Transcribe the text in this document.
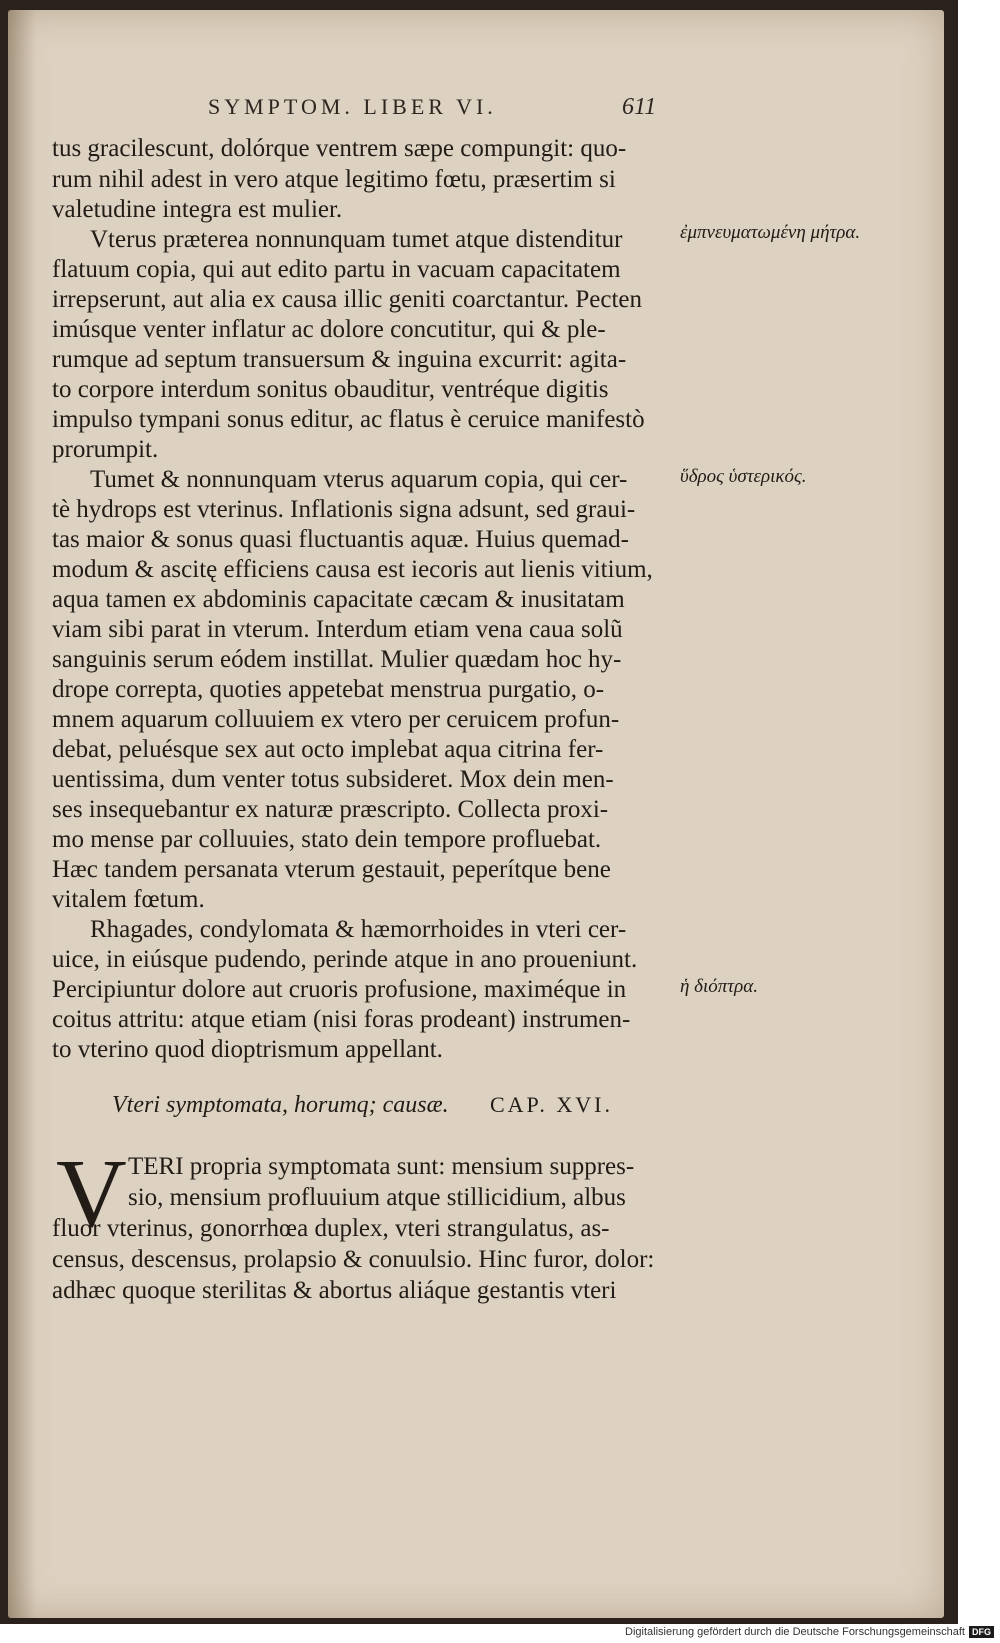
SYMPTOM. LIBER VI.	611
tus gracilescunt, dolórque ventrem sæpe compungit: quo-
rum nihil adest in vero atque legitimo fœtu, præsertim si
valetudine integra est mulier.
Vterus præterea nonnunquam tumet atque distenditur
flatuum copia, qui aut edito partu in vacuam capacitatem
irrepserunt, aut alia ex causa illic geniti coarctantur. Pecten
imúsque venter inflatur ac dolore concutitur, qui & ple-
rumque ad septum transuersum & inguina excurrit: agita-
to corpore interdum sonitus obauditur, ventréque digitis
impulso tympani sonus editur, ac flatus è ceruice manifestò
prorumpit.
Tumet & nonnunquam vterus aquarum copia, qui cer-
tè hydrops est vterinus. Inflationis signa adsunt, sed graui-
tas maior & sonus quasi fluctuantis aquæ. Huius quemad-
modum & ascitę efficiens causa est iecoris aut lienis vitium,
aqua tamen ex abdominis capacitate cæcam & inusitatam
viam sibi parat in vterum. Interdum etiam vena caua solũ
sanguinis serum eódem instillat. Mulier quædam hoc hy-
drope correpta, quoties appetebat menstrua purgatio, o-
mnem aquarum colluuiem ex vtero per ceruicem profun-
debat, peluésque sex aut octo implebat aqua citrina fer-
uentissima, dum venter totus subsideret. Mox dein men-
ses insequebantur ex naturæ præscripto. Collecta proxi-
mo mense par colluuies, stato dein tempore profluebat.
Hæc tandem persanata vterum gestauit, peperítque bene
vitalem fœtum.
Rhagades, condylomata & hæmorrhoides in vteri cer-
uice, in eiúsque pudendo, perinde atque in ano proueniunt.
Percipiuntur dolore aut cruoris profusione, maximéque in
coitus attritu: atque etiam (nisi foras prodeant) instrumen-
to vterino quod dioptrismum appellant.
ἐμπνευματωμένη μήτρα.
ὕδρος ὑστερικός.
ἡ διόπτρα.
Vteri symptomata, horumq; causæ. CAP. XVI.
V TERI propria symptomata sunt: mensium suppres-
sio, mensium profluuium atque stillicidium, albus
fluor vterinus, gonorrhœa duplex, vteri strangulatus, as-
census, descensus, prolapsio & conuulsio. Hinc furor, dolor:
adhæc quoque sterilitas & abortus aliáque gestantis vteri
Digitalisierung gefördert durch die Deutsche Forschungsgemeinschaft DFG
